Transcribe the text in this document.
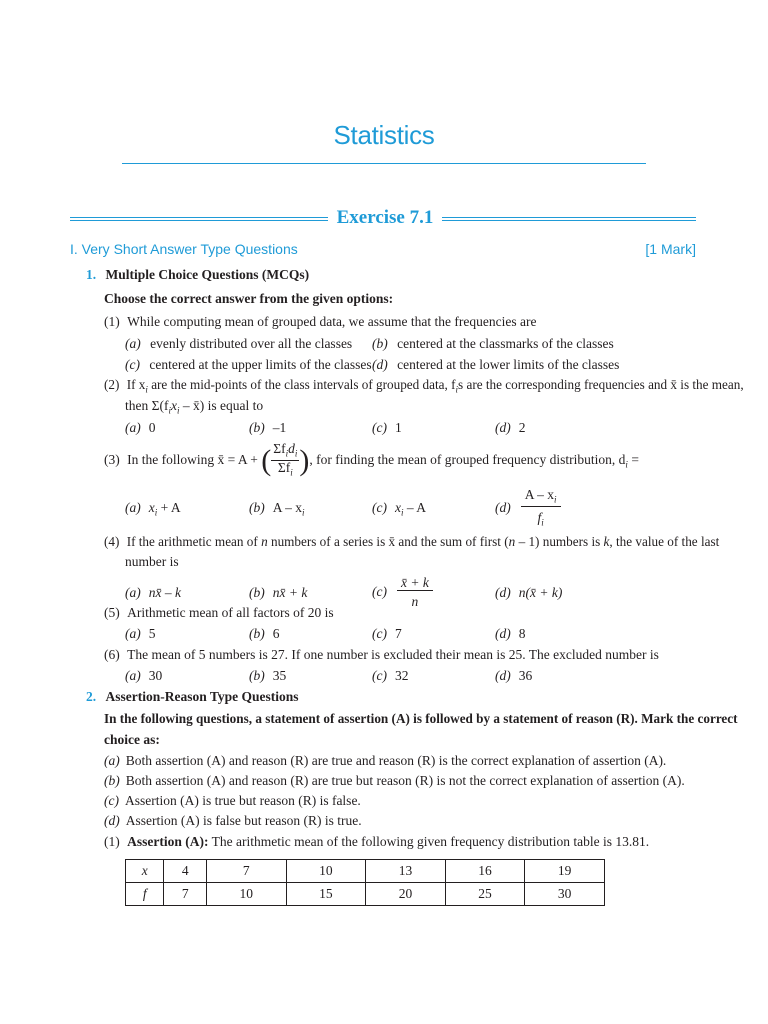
Statistics
Exercise 7.1
I. Very Short Answer Type Questions	[1 Mark]
1. Multiple Choice Questions (MCQs)
Choose the correct answer from the given options:
(1) While computing mean of grouped data, we assume that the frequencies are
(a) evenly distributed over all the classes (b) centered at the classmarks of the classes
(c) centered at the upper limits of the classes (d) centered at the lower limits of the classes
(2) If $x_i$ are the mid-points of the class intervals of grouped data, $f_is$ are the corresponding frequencies and x̄ is the mean,
then $\Sigma(f_ix_i$ – x̄) is equal to
(a) 0	(b) –1	(c) 1	(d) 2
(3) In the following x̄ = A + ( $\frac{\Sigma f_id_i}{\Sigma f_i}$ ), for finding the mean of grouped frequency distribution, $d_i$ =
(a) $x_i + A$	(b) A – $x_i$	(c) $x_i$ – A	$(d) \frac{A - x_i}{f_i}$
(4) If the arithmetic mean of n numbers of a series is x̄ and the sum of first (n – 1) numbers is k, the value of the last
number is
(a) nx̄ – k	(b) nx̄ + k	$(c) \frac{x̄ + k}{n}$	(d) n(x̄ + k)
(5) Arithmetic mean of all factors of 20 is
(a) 5	(b) 6	(c) 7	(d) 8
(6) The mean of 5 numbers is 27. If one number is excluded their mean is 25. The excluded number is
(a) 30	(b) 35	(c) 32	(d) 36
2. Assertion-Reason Type Questions
In the following questions, a statement of assertion (A) is followed by a statement of reason (R). Mark the correct
choice as:
(a) Both assertion (A) and reason (R) are true and reason (R) is the correct explanation of assertion (A).
(b) Both assertion (A) and reason (R) are true but reason (R) is not the correct explanation of assertion (A).
(c) Assertion (A) is true but reason (R) is false.
(d) Assertion (A) is false but reason (R) is true.
(1) Assertion (A): The arithmetic mean of the following given frequency distribution table is 13.81.
x	4	7	10	13	16	19
f	7	10	15	20	25	30
